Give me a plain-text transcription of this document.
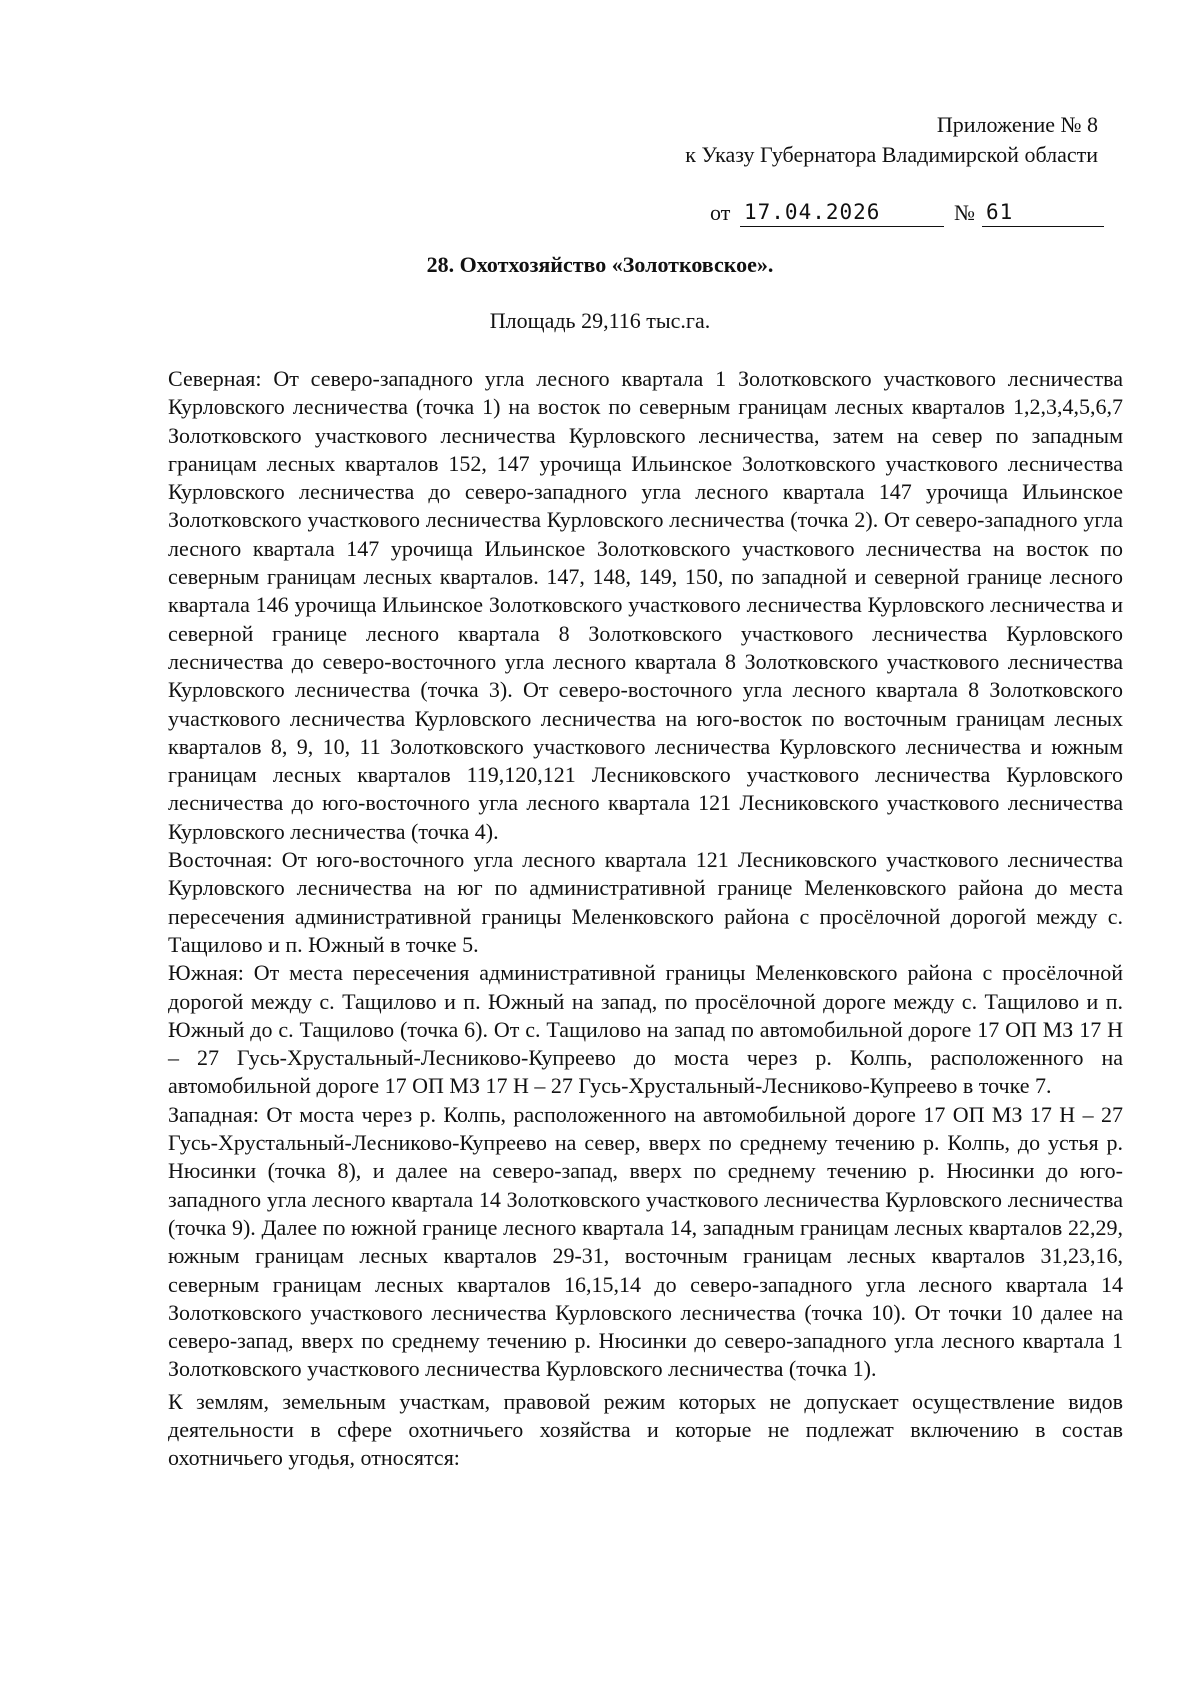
Приложение № 8
к Указу Губернатора Владимирской области
от 17.04.2026	№ 61
28. Охотхозяйство «Золотковское».
Площадь 29,116 тыс.га.

Северная: От северо-западного угла лесного квартала 1 Золотковского участкового лесничества Курловского лесничества (точка 1) на восток по северным границам лесных кварталов 1,2,3,4,5,6,7 Золотковского участкового лесничества Курловского лесничества, затем на север по западным границам лесных кварталов 152, 147 урочища Ильинское Золотковского участкового лесничества Курловского лесничества до северо-западного угла лесного квартала 147 урочища Ильинское Золотковского участкового лесничества Курловского лесничества (точка 2). От северо-западного угла лесного квартала 147 урочища Ильинское Золотковского участкового лесничества на восток по северным границам лесных кварталов. 147, 148, 149, 150, по западной и северной границе лесного квартала 146 урочища Ильинское Золотковского участкового лесничества Курловского лесничества и северной границе лесного квартала 8 Золотковского участкового лесничества Курловского лесничества до северо-восточного угла лесного квартала 8 Золотковского участкового лесничества Курловского лесничества (точка 3). От северо-восточного угла лесного квартала 8 Золотковского участкового лесничества Курловского лесничества на юго-восток по восточным границам лесных кварталов 8, 9, 10, 11 Золотковского участкового лесничества Курловского лесничества и южным границам лесных кварталов 119,120,121 Лесниковского участкового лесничества Курловского лесничества до юго-восточного угла лесного квартала 121 Лесниковского участкового лесничества Курловского лесничества (точка 4).

Восточная: От юго-восточного угла лесного квартала 121 Лесниковского участкового лесничества Курловского лесничества на юг по административной границе Меленковского района до места пересечения административной границы Меленковского района с просёлочной дорогой между с. Тащилово и п. Южный в точке 5.

Южная: От места пересечения административной границы Меленковского района с просёлочной дорогой между с. Тащилово и п. Южный на запад, по просёлочной дороге между с. Тащилово и п. Южный до с. Тащилово (точка 6). От с. Тащилово на запад по автомобильной дороге 17 ОП МЗ 17 Н – 27 Гусь-Хрустальный-Лесниково-Купреево до моста через р. Колпь, расположенного на автомобильной дороге 17 ОП МЗ 17 Н – 27 Гусь-Хрустальный-Лесниково-Купреево в точке 7.

Западная: От моста через р. Колпь, расположенного на автомобильной дороге 17 ОП МЗ 17 Н – 27 Гусь-Хрустальный-Лесниково-Купреево на север, вверх по среднему течению р. Колпь, до устья р. Нюсинки (точка 8), и далее на северо-запад, вверх по среднему течению р. Нюсинки до юго-западного угла лесного квартала 14 Золотковского участкового лесничества Курловского лесничества (точка 9). Далее по южной границе лесного квартала 14, западным границам лесных кварталов 22,29, южным границам лесных кварталов 29-31, восточным границам лесных кварталов 31,23,16, северным границам лесных кварталов 16,15,14 до северо-западного угла лесного квартала 14 Золотковского участкового лесничества Курловского лесничества (точка 10). От точки 10 далее на северо-запад, вверх по среднему течению р. Нюсинки до северо-западного угла лесного квартала 1 Золотковского участкового лесничества Курловского лесничества (точка 1).

К землям, земельным участкам, правовой режим которых не допускает осуществление видов деятельности в сфере охотничьего хозяйства и которые не подлежат включению в состав охотничьего угодья, относятся:
